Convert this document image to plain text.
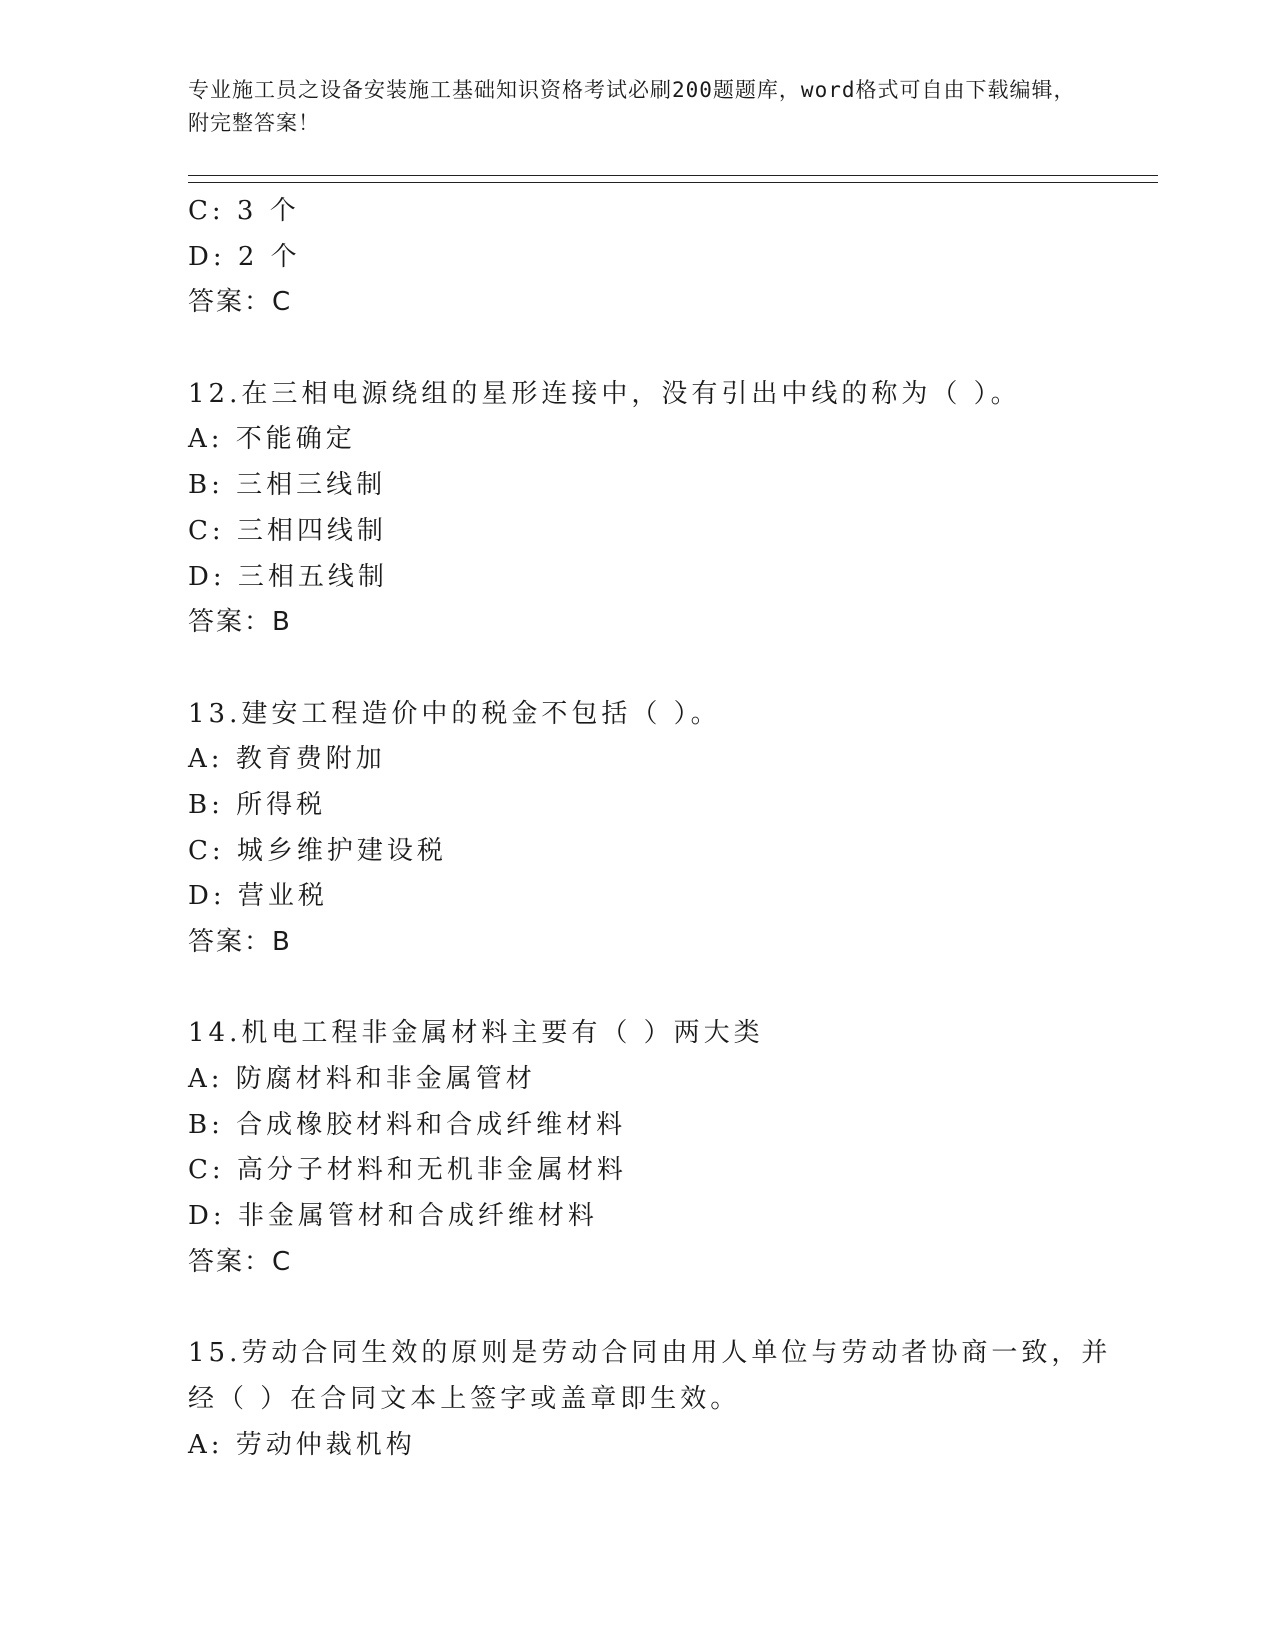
专业施工员之设备安装施工基础知识资格考试必刷200题题库，word格式可自由下载编辑，附完整答案！
C: 3 个
D: 2 个
答案：C
12.在三相电源绕组的星形连接中，没有引出中线的称为（ ）。
A: 不能确定
B: 三相三线制
C: 三相四线制
D: 三相五线制
答案：B
13.建安工程造价中的税金不包括（ ）。
A: 教育费附加
B: 所得税
C: 城乡维护建设税
D: 营业税
答案：B
14.机电工程非金属材料主要有（ ）两大类
A: 防腐材料和非金属管材
B: 合成橡胶材料和合成纤维材料
C: 高分子材料和无机非金属材料
D: 非金属管材和合成纤维材料
答案：C
15.劳动合同生效的原则是劳动合同由用人单位与劳动者协商一致，并
经（ ）在合同文本上签字或盖章即生效。
A: 劳动仲裁机构
